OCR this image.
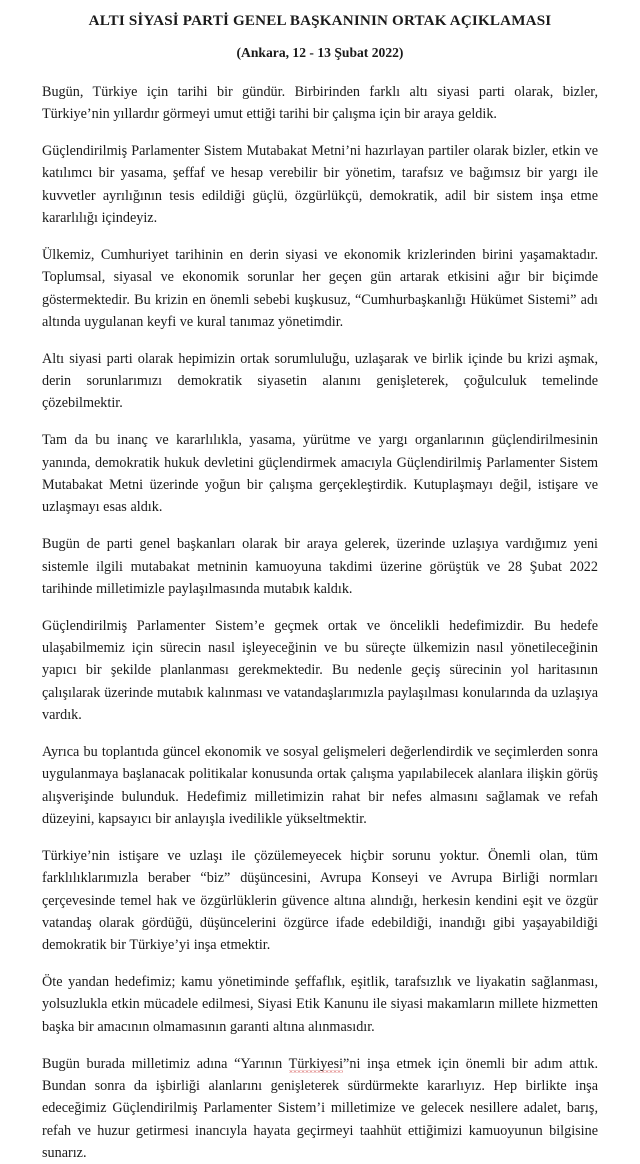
ALTI SİYASİ PARTİ GENEL BAŞKANININ ORTAK AÇIKLAMASI
(Ankara, 12 - 13 Şubat 2022)

Bugün, Türkiye için tarihi bir gündür. Birbirinden farklı altı siyasi parti olarak, bizler, Türkiye’nin yıllardır görmeyi umut ettiği tarihi bir çalışma için bir araya geldik.

Güçlendirilmiş Parlamenter Sistem Mutabakat Metni’ni hazırlayan partiler olarak bizler, etkin ve katılımcı bir yasama, şeffaf ve hesap verebilir bir yönetim, tarafsız ve bağımsız bir yargı ile kuvvetler ayrılığının tesis edildiği güçlü, özgürlükçü, demokratik, adil bir sistem inşa etme kararlılığı içindeyiz.

Ülkemiz, Cumhuriyet tarihinin en derin siyasi ve ekonomik krizlerinden birini yaşamaktadır. Toplumsal, siyasal ve ekonomik sorunlar her geçen gün artarak etkisini ağır bir biçimde göstermektedir. Bu krizin en önemli sebebi kuşkusuz, “Cumhurbaşkanlığı Hükümet Sistemi” adı altında uygulanan keyfi ve kural tanımaz yönetimdir.

Altı siyasi parti olarak hepimizin ortak sorumluluğu, uzlaşarak ve birlik içinde bu krizi aşmak, derin sorunlarımızı demokratik siyasetin alanını genişleterek, çoğulculuk temelinde çözebilmektir.

Tam da bu inanç ve kararlılıkla, yasama, yürütme ve yargı organlarının güçlendirilmesinin yanında, demokratik hukuk devletini güçlendirmek amacıyla Güçlendirilmiş Parlamenter Sistem Mutabakat Metni üzerinde yoğun bir çalışma gerçekleştirdik. Kutuplaşmayı değil, istişare ve uzlaşmayı esas aldık.

Bugün de parti genel başkanları olarak bir araya gelerek, üzerinde uzlaşıya vardığımız yeni sistemle ilgili mutabakat metninin kamuoyuna takdimi üzerine görüştük ve 28 Şubat 2022 tarihinde milletimizle paylaşılmasında mutabık kaldık.

Güçlendirilmiş Parlamenter Sistem’e geçmek ortak ve öncelikli hedefimizdir. Bu hedefe ulaşabilmemiz için sürecin nasıl işleyeceğinin ve bu süreçte ülkemizin nasıl yönetileceğinin yapıcı bir şekilde planlanması gerekmektedir. Bu nedenle geçiş sürecinin yol haritasının çalışılarak üzerinde mutabık kalınması ve vatandaşlarımızla paylaşılması konularında da uzlaşıya vardık.

Ayrıca bu toplantıda güncel ekonomik ve sosyal gelişmeleri değerlendirdik ve seçimlerden sonra uygulanmaya başlanacak politikalar konusunda ortak çalışma yapılabilecek alanlara ilişkin görüş alışverişinde bulunduk. Hedefimiz milletimizin rahat bir nefes almasını sağlamak ve refah düzeyini, kapsayıcı bir anlayışla ivedilikle yükseltmektir.

Türkiye’nin istişare ve uzlaşı ile çözülemeyecek hiçbir sorunu yoktur. Önemli olan, tüm farklılıklarımızla beraber “biz” düşüncesini, Avrupa Konseyi ve Avrupa Birliği normları çerçevesinde temel hak ve özgürlüklerin güvence altına alındığı, herkesin kendini eşit ve özgür vatandaş olarak gördüğü, düşüncelerini özgürce ifade edebildiği, inandığı gibi yaşayabildiği demokratik bir Türkiye’yi inşa etmektir.

Öte yandan hedefimiz; kamu yönetiminde şeffaflık, eşitlik, tarafsızlık ve liyakatin sağlanması, yolsuzlukla etkin mücadele edilmesi, Siyasi Etik Kanunu ile siyasi makamların millete hizmetten başka bir amacının olmamasının garanti altına alınmasıdır.

Bugün burada milletimiz adına “Yarının Türkiyesi”ni inşa etmek için önemli bir adım attık. Bundan sonra da işbirliği alanlarını genişleterek sürdürmekte kararlıyız. Hep birlikte inşa edeceğimiz Güçlendirilmiş Parlamenter Sistem’i milletimize ve gelecek nesillere adalet, barış, refah ve huzur getirmesi inancıyla hayata geçirmeyi taahhüt ettiğimizi kamuoyunun bilgisine sunarız.
